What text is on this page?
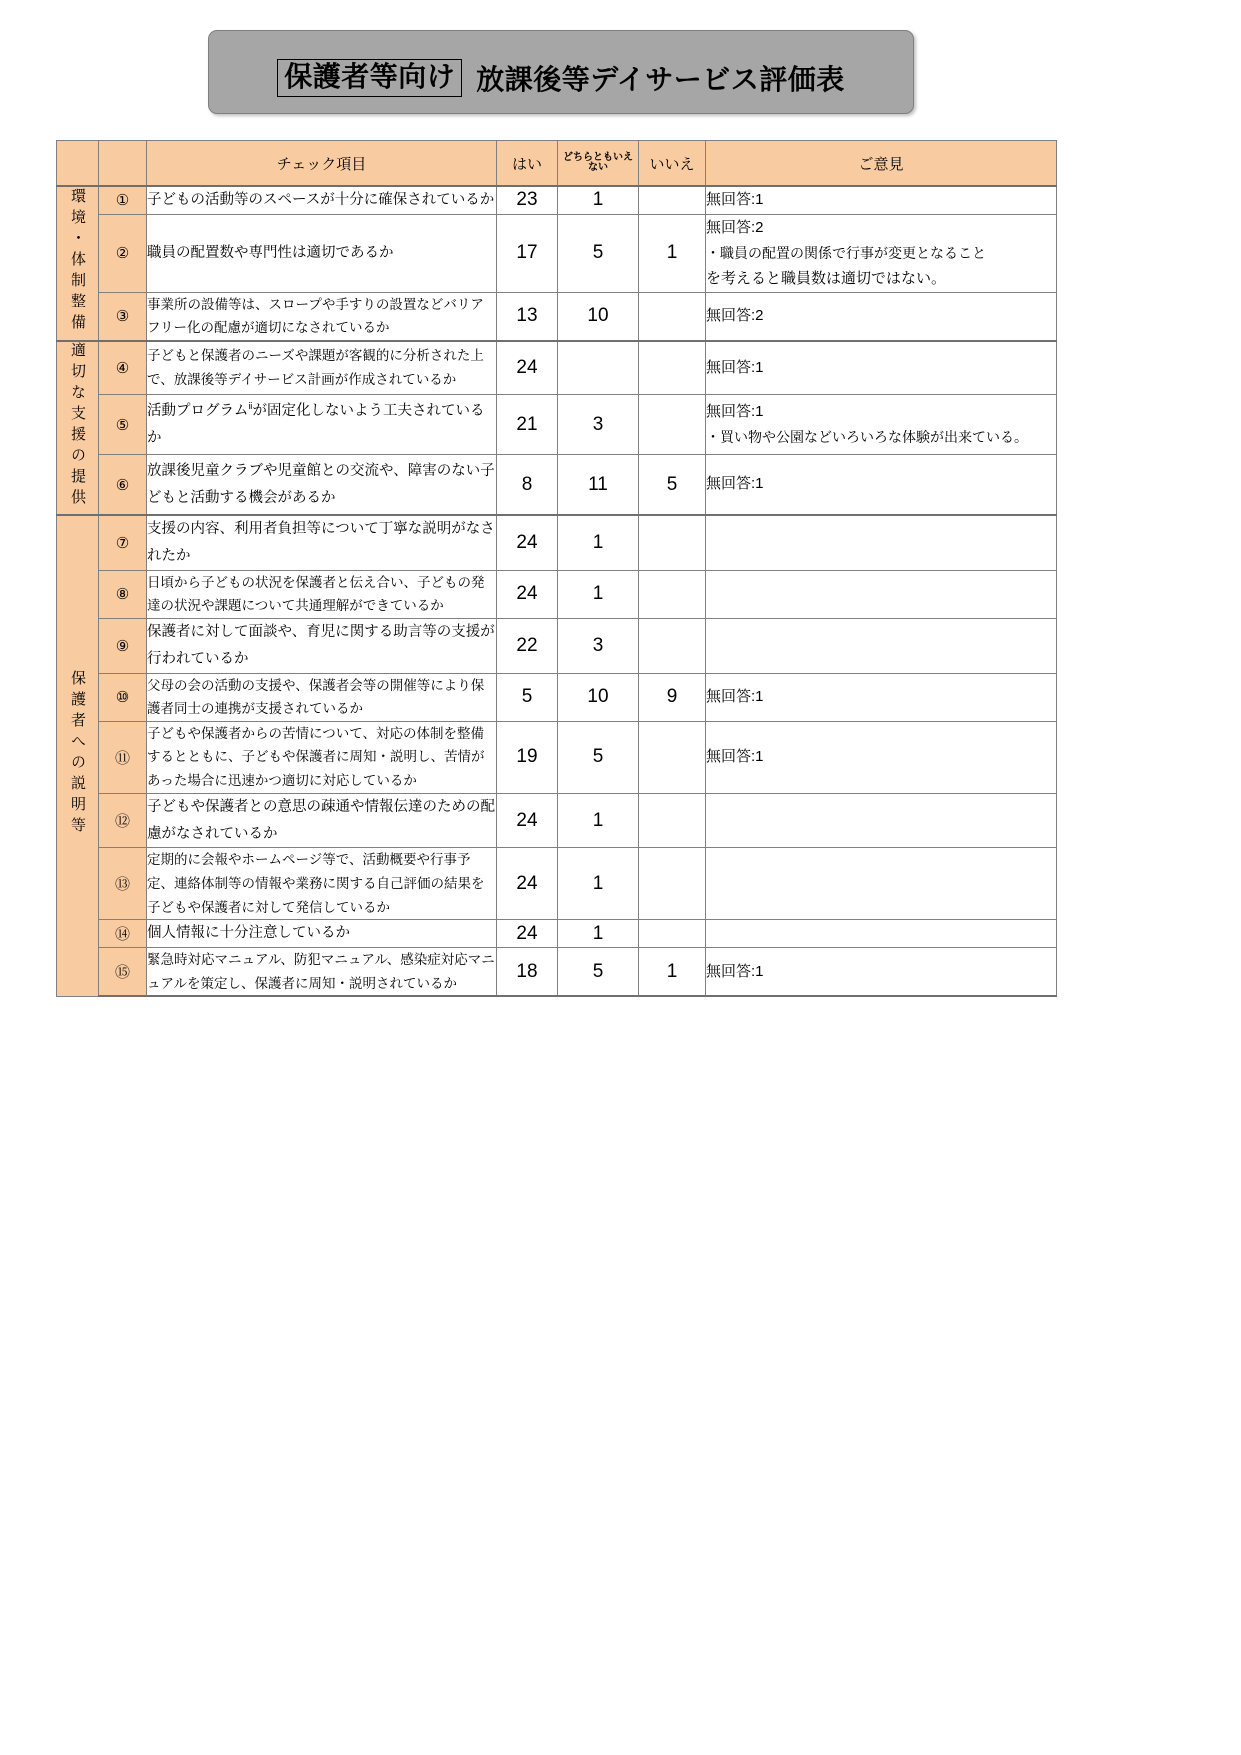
保護者等向け 放課後等デイサービス評価表
		チェック項目	はい	どちらともいえない	いいえ	ご意見
環境・体制整備	①	子どもの活動等のスペースが十分に確保されているか	23	1		無回答:1

	②	職員の配置数や専門性は適切であるか	17	5	1	無回答:2
・職員の配置の関係で行事が変更となること
を考えると職員数は適切ではない。

	③	事業所の設備等は、スロープや手すりの設置などバリアフリー化の配慮が適切になされているか	13	10		無回答:2

適切な支援の提供	④	子どもと保護者のニーズや課題が客観的に分析された上で、放課後等デイサービス計画が作成されているか	24			無回答:1

	⑤	活動プログラム$^ⅱ$が固定化しないよう工夫されているか	21	3		無回答:1
・買い物や公園などいろいろな体験が出来ている。

	⑥	放課後児童クラブや児童館との交流や、障害のない子どもと活動する機会があるか	8	11	5	無回答:1

保護者への説明等	⑦	支援の内容、利用者負担等について丁寧な説明がなされたか	24	1		
	⑧	日頃から子どもの状況を保護者と伝え合い、子どもの発達の状況や課題について共通理解ができているか	24	1		
	⑨	保護者に対して面談や、育児に関する助言等の支援が行われているか	22	3		
	⑩	父母の会の活動の支援や、保護者会等の開催等により保護者同士の連携が支援されているか	5	10	9	無回答:1

	⑪	子どもや保護者からの苦情について、対応の体制を整備するとともに、子どもや保護者に周知・説明し、苦情があった場合に迅速かつ適切に対応しているか	19	5		無回答:1

	⑫	子どもや保護者との意思の疎通や情報伝達のための配慮がなされているか	24	1		
	⑬	定期的に会報やホームページ等で、活動概要や行事予定、連絡体制等の情報や業務に関する自己評価の結果を子どもや保護者に対して発信しているか	24	1		
	⑭	個人情報に十分注意しているか	24	1		
	⑮	緊急時対応マニュアル、防犯マニュアル、感染症対応マニュアルを策定し、保護者に周知・説明されているか	18	5	1	無回答:1
